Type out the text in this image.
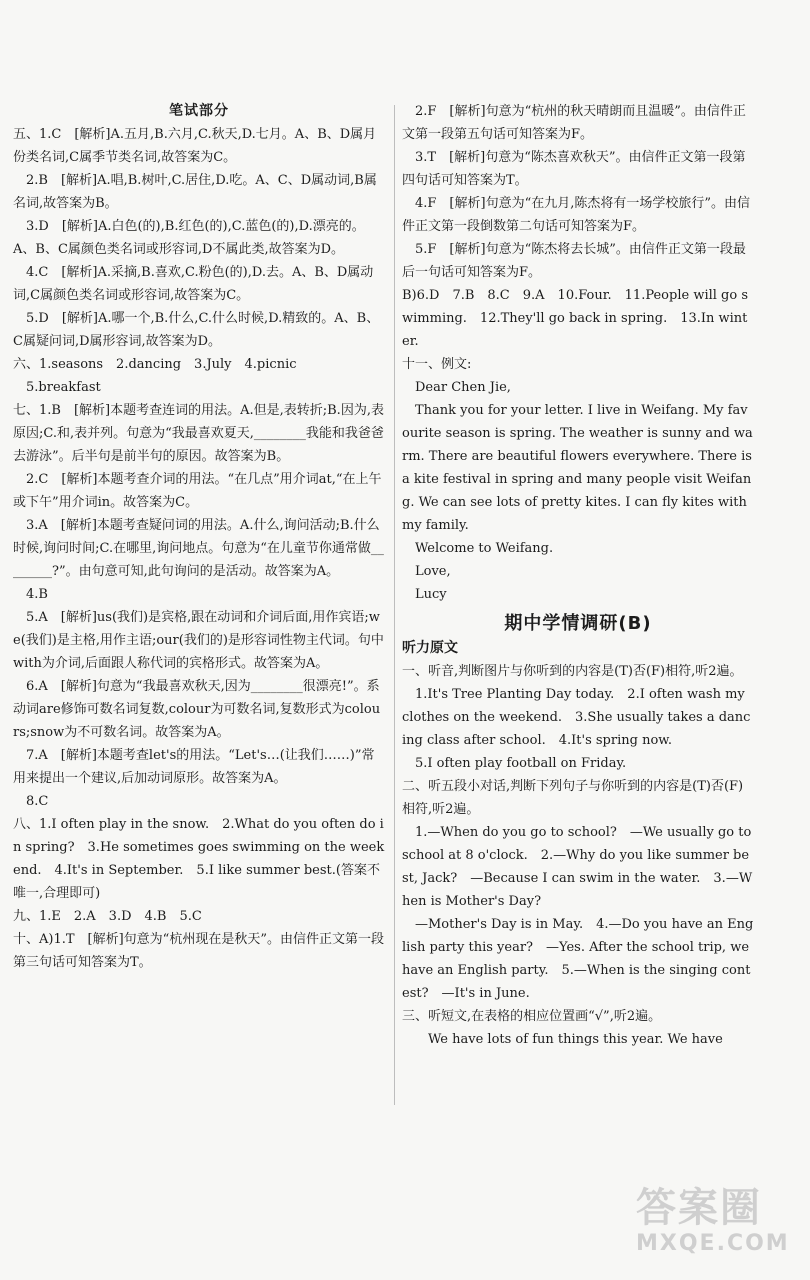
笔试部分
五、1.C　[解析]A.五月,B.六月,C.秋天,D.七月。A、B、D属月份类名词,C属季节类名词,故答案为C。
　2.B　[解析]A.唱,B.树叶,C.居住,D.吃。A、C、D属动词,B属名词,故答案为B。
　3.D　[解析]A.白色(的),B.红色(的),C.蓝色(的),D.漂亮的。A、B、C属颜色类名词或形容词,D不属此类,故答案为D。
　4.C　[解析]A.采摘,B.喜欢,C.粉色(的),D.去。A、B、D属动词,C属颜色类名词或形容词,故答案为C。
　5.D　[解析]A.哪一个,B.什么,C.什么时候,D.精致的。A、B、C属疑问词,D属形容词,故答案为D。
六、1.seasons　2.dancing　3.July　4.picnic
　5.breakfast
七、1.B　[解析]本题考查连词的用法。A.但是,表转折;B.因为,表原因;C.和,表并列。句意为“我最喜欢夏天,________我能和我爸爸去游泳”。后半句是前半句的原因。故答案为B。
　2.C　[解析]本题考查介词的用法。“在几点”用介词at,“在上午或下午”用介词in。故答案为C。
　3.A　[解析]本题考查疑问词的用法。A.什么,询问活动;B.什么时候,询问时间;C.在哪里,询问地点。句意为“在儿童节你通常做________?”。由句意可知,此句询问的是活动。故答案为A。
　4.B
　5.A　[解析]us(我们)是宾格,跟在动词和介词后面,用作宾语;we(我们)是主格,用作主语;our(我们的)是形容词性物主代词。句中with为介词,后面跟人称代词的宾格形式。故答案为A。
　6.A　[解析]句意为“我最喜欢秋天,因为________很漂亮!”。系动词are修饰可数名词复数,colour为可数名词,复数形式为colours;snow为不可数名词。故答案为A。
　7.A　[解析]本题考查let's的用法。“Let's…(让我们……)”常用来提出一个建议,后加动词原形。故答案为A。
　8.C
八、1.I often play in the snow.　2.What do you often do in spring?　3.He sometimes goes swimming on the weekend.　4.It's in September.　5.I like summer best.(答案不唯一,合理即可)
九、1.E　2.A　3.D　4.B　5.C
十、A)1.T　[解析]句意为“杭州现在是秋天”。由信件正文第一段第三句话可知答案为T。
　2.F　[解析]句意为“杭州的秋天晴朗而且温暖”。由信件正文第一段第五句话可知答案为F。
　3.T　[解析]句意为“陈杰喜欢秋天”。由信件正文第一段第四句话可知答案为T。
　4.F　[解析]句意为“在九月,陈杰将有一场学校旅行”。由信件正文第一段倒数第二句话可知答案为F。
　5.F　[解析]句意为“陈杰将去长城”。由信件正文第一段最后一句话可知答案为F。
B)6.D　7.B　8.C　9.A　10.Four.　11.People will go swimming.　12.They'll go back in spring.　13.In winter.
十一、例文:
　Dear Chen Jie,
　Thank you for your letter. I live in Weifang. My favourite season is spring. The weather is sunny and warm. There are beautiful flowers everywhere. There is a kite festival in spring and many people visit Weifang. We can see lots of pretty kites. I can fly kites with my family.
　Welcome to Weifang.
　Love,
　Lucy
期中学情调研(B)
听力原文
一、听音,判断图片与你听到的内容是(T)否(F)相符,听2遍。
　1.It's Tree Planting Day today.　2.I often wash my clothes on the weekend.　3.She usually takes a dancing class after school.　4.It's spring now.
　5.I often play football on Friday.
二、听五段小对话,判断下列句子与你听到的内容是(T)否(F)相符,听2遍。
　1.—When do you go to school?　—We usually go to school at 8 o'clock.　2.—Why do you like summer best, Jack?　—Because I can swim in the water.　3.—When is Mother's Day?
　—Mother's Day is in May.　4.—Do you have an English party this year?　—Yes. After the school trip, we have an English party.　5.—When is the singing contest?　—It's in June.
三、听短文,在表格的相应位置画“√”,听2遍。
　　We have lots of fun things this year. We have
答案圈
MXQE.COM
